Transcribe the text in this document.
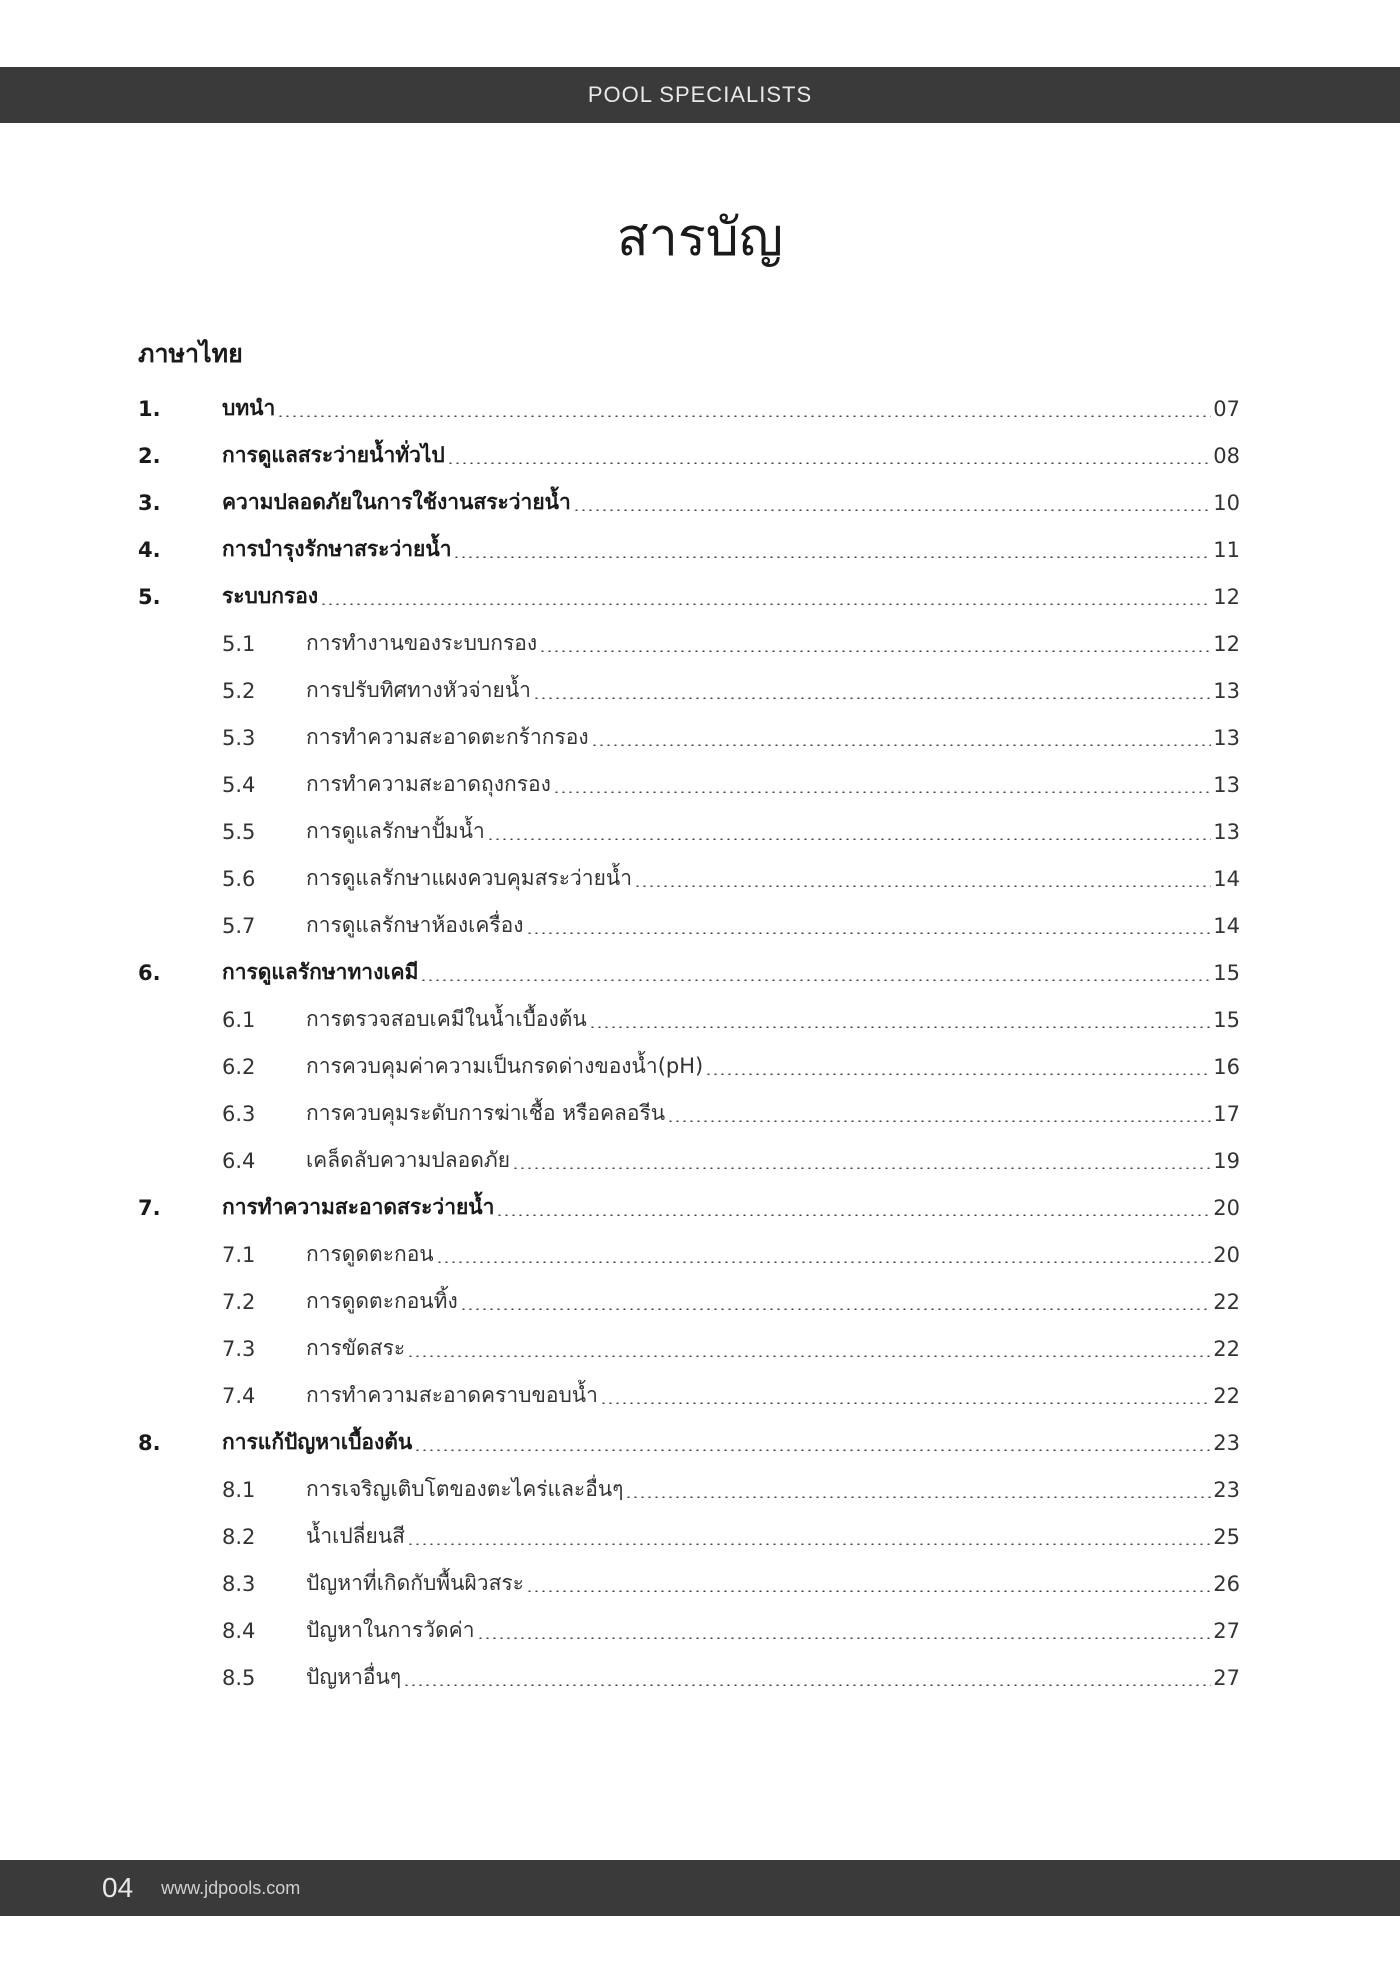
POOL SPECIALISTS
สารบัญ
ภาษาไทย
1.	บทนำ	07
2.	การดูแลสระว่ายน้ำทั่วไป	08
3.	ความปลอดภัยในการใช้งานสระว่ายน้ำ	10
4.	การบำรุงรักษาสระว่ายน้ำ	11
5.	ระบบกรอง	12
5.1	การทำงานของระบบกรอง	12
5.2	การปรับทิศทางหัวจ่ายน้ำ	13
5.3	การทำความสะอาดตะกร้ากรอง	13
5.4	การทำความสะอาดถุงกรอง	13
5.5	การดูแลรักษาปั้มน้ำ	13
5.6	การดูแลรักษาแผงควบคุมสระว่ายน้ำ	14
5.7	การดูแลรักษาห้องเครื่อง	14
6.	การดูแลรักษาทางเคมี	15
6.1	การตรวจสอบเคมีในน้ำเบื้องต้น	15
6.2	การควบคุมค่าความเป็นกรดด่างของน้ำ(pH)	16
6.3	การควบคุมระดับการฆ่าเชื้อ หรือคลอรีน	17
6.4	เคล็ดลับความปลอดภัย	19
7.	การทำความสะอาดสระว่ายน้ำ	20
7.1	การดูดตะกอน	20
7.2	การดูดตะกอนทิ้ง	22
7.3	การขัดสระ	22
7.4	การทำความสะอาดคราบขอบน้ำ	22
8.	การแก้ปัญหาเบื้องต้น	23
8.1	การเจริญเติบโตของตะไคร่และอื่นๆ	23
8.2	น้ำเปลี่ยนสี	25
8.3	ปัญหาที่เกิดกับพื้นผิวสระ	26
8.4	ปัญหาในการวัดค่า	27
8.5	ปัญหาอื่นๆ	27
04 www.jdpools.com
